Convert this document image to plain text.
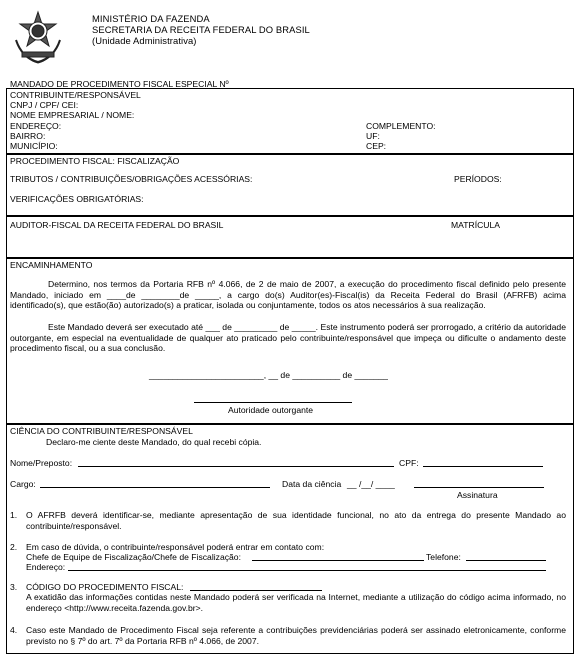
MINISTÉRIO DA FAZENDA
SECRETARIA DA RECEITA FEDERAL DO BRASIL
(Unidade Administrativa)
MANDADO DE PROCEDIMENTO FISCAL ESPECIAL Nº ________________
CONTRIBUINTE/RESPONSÁVEL
CNPJ / CPF/ CEI:
NOME EMPRESARIAL / NOME:
ENDEREÇO:	COMPLEMENTO:
BAIRRO:	UF:
MUNICÍPIO:	CEP:
PROCEDIMENTO FISCAL: FISCALIZAÇÃO
TRIBUTOS / CONTRIBUIÇÕES/OBRIGAÇÕES ACESSÓRIAS:	PERÍODOS:
VERIFICAÇÕES OBRIGATÓRIAS:
AUDITOR-FISCAL DA RECEITA FEDERAL DO BRASIL	MATRÍCULA
ENCAMINHAMENTO
Determino, nos termos da Portaria RFB nº 4.066, de 2 de maio de 2007, a execução do procedimento fiscal definido pelo presente Mandado, iniciado em ____de ________de _____, a cargo do(s) Auditor(es)-Fiscal(is) da Receita Federal do Brasil (AFRFB) acima identificado(s), que estão(ão) autorizado(s) a praticar, isolada ou conjuntamente, todos os atos necessários à sua realização.
Este Mandado deverá ser executado até ___ de _________ de _____. Este instrumento poderá ser prorrogado, a critério da autoridade outorgante, em especial na eventualidade de qualquer ato praticado pelo contribuinte/responsável que impeça ou dificulte o andamento deste procedimento fiscal, ou a sua conclusão.
________________________, __ de __________ de _______
Autoridade outorgante
CIÊNCIA DO CONTRIBUINTE/RESPONSÁVEL
Declaro-me ciente deste Mandado, do qual recebi cópia.
Nome/Preposto:	CPF:
Cargo:	Data da ciência __ /__/ ____
Assinatura
1. O AFRFB deverá identificar-se, mediante apresentação de sua identidade funcional, no ato da entrega do presente Mandado ao contribuinte/responsável.
2. Em caso de dúvida, o contribuinte/responsável poderá entrar em contato com:
Chefe de Equipe de Fiscalização/Chefe de Fiscalização:	Telefone:
Endereço:
3. CÓDIGO DO PROCEDIMENTO FISCAL:
A exatidão das informações contidas neste Mandado poderá ser verificada na Internet, mediante a utilização do código acima informado, no endereço <http://www.receita.fazenda.gov.br>.
4. Caso este Mandado de Procedimento Fiscal seja referente a contribuições previdenciárias poderá ser assinado eletronicamente, conforme previsto no § 7º do art. 7º da Portaria RFB nº 4.066, de 2007.
